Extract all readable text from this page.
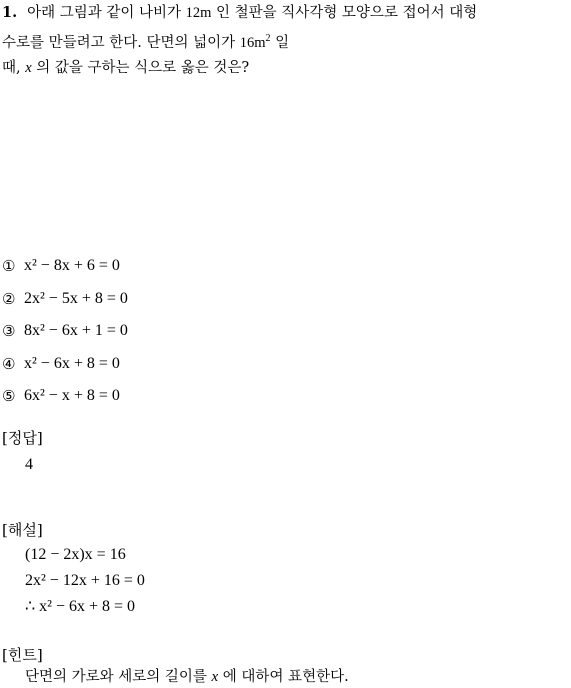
1. 아래 그림과 같이 나비가 12m 인 철판을 직사각형 모양으로 접어서 대형
수로를 만들려고 한다. 단면의 넓이가 $16m^2$ 일
때, x 의 값을 구하는 식으로 옳은 것은?
① x² − 8x + 6 = 0
② 2x² − 5x + 8 = 0
③ 8x² − 6x + 1 = 0
④ x² − 6x + 8 = 0
⑤ 6x² − x + 8 = 0
[정답]
4
[해설]
(12 − 2x)x = 16
2x² − 12x + 16 = 0
∴ x² − 6x + 8 = 0
[힌트]
단면의 가로와 세로의 길이를 x 에 대하여 표현한다.
